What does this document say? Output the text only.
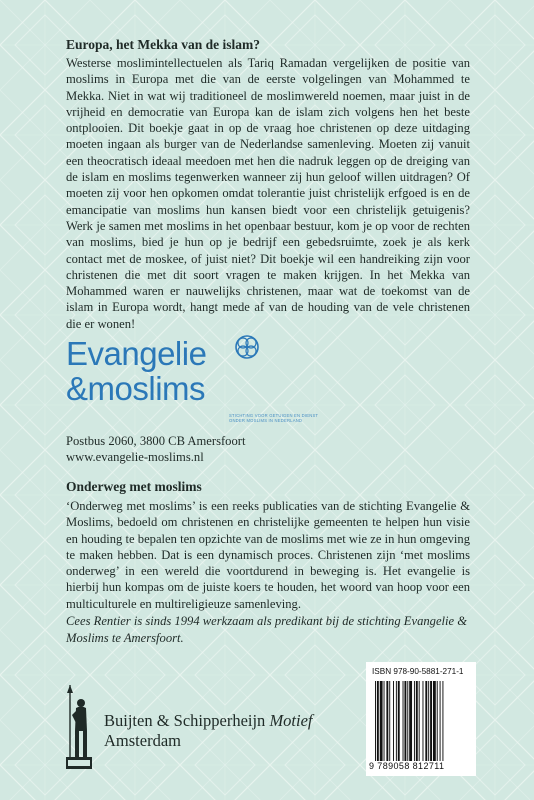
Europa, het Mekka van de islam?

Westerse moslimintellectuelen als Tariq Ramadan vergelijken de positie van moslims in Europa met die van de eerste volgelingen van Mohammed te Mekka. Niet in wat wij traditioneel de moslimwereld noemen, maar juist in de vrijheid en democratie van Europa kan de islam zich volgens hen het beste ontplooien. Dit boekje gaat in op de vraag hoe christenen op deze uitdaging moeten ingaan als burger van de Nederlandse samenleving. Moeten zij vanuit een theocratisch ideaal meedoen met hen die nadruk leggen op de dreiging van de islam en moslims tegenwerken wanneer zij hun geloof willen uitdragen? Of moeten zij voor hen opkomen omdat tolerantie juist christelijk erfgoed is en de emancipatie van moslims hun kansen biedt voor een christelijk getuigenis? Werk je samen met moslims in het openbaar bestuur, kom je op voor de rechten van moslims, bied je hun op je bedrijf een gebedsruimte, zoek je als kerk contact met de moskee, of juist niet? Dit boekje wil een handreiking zijn voor christenen die met dit soort vragen te maken krijgen. In het Mekka van Mohammed waren er nauwelijks christenen, maar wat de toekomst van de islam in Europa wordt, hangt mede af van de houding van de vele christenen die er wonen!

Evangelie
&moslims
STICHTING VOOR GETUIGEN EN DIENST ONDER MOSLIMS IN NEDERLAND
Postbus 2060, 3800 CB Amersfoort
www.evangelie-moslims.nl
Onderweg met moslims

‘Onderweg met moslims’ is een reeks publicaties van de stichting Evangelie & Moslims, bedoeld om christenen en christelijke gemeenten te helpen hun visie en houding te bepalen ten opzichte van de moslims met wie ze in hun omgeving te maken hebben. Dat is een dynamisch proces. Christenen zijn ‘met moslims onderweg’ in een wereld die voortdurend in beweging is. Het evangelie is hierbij hun kompas om de juiste koers te houden, het woord van hoop voor een multiculturele en multireligieuze samenleving.

Cees Rentier is sinds 1994 werkzaam als predikant bij de stichting Evangelie & Moslims te Amersfoort.

Buijten & Schipperheijn Motief
Amsterdam
ISBN 978-90-5881-271-1
9 789058 812711
